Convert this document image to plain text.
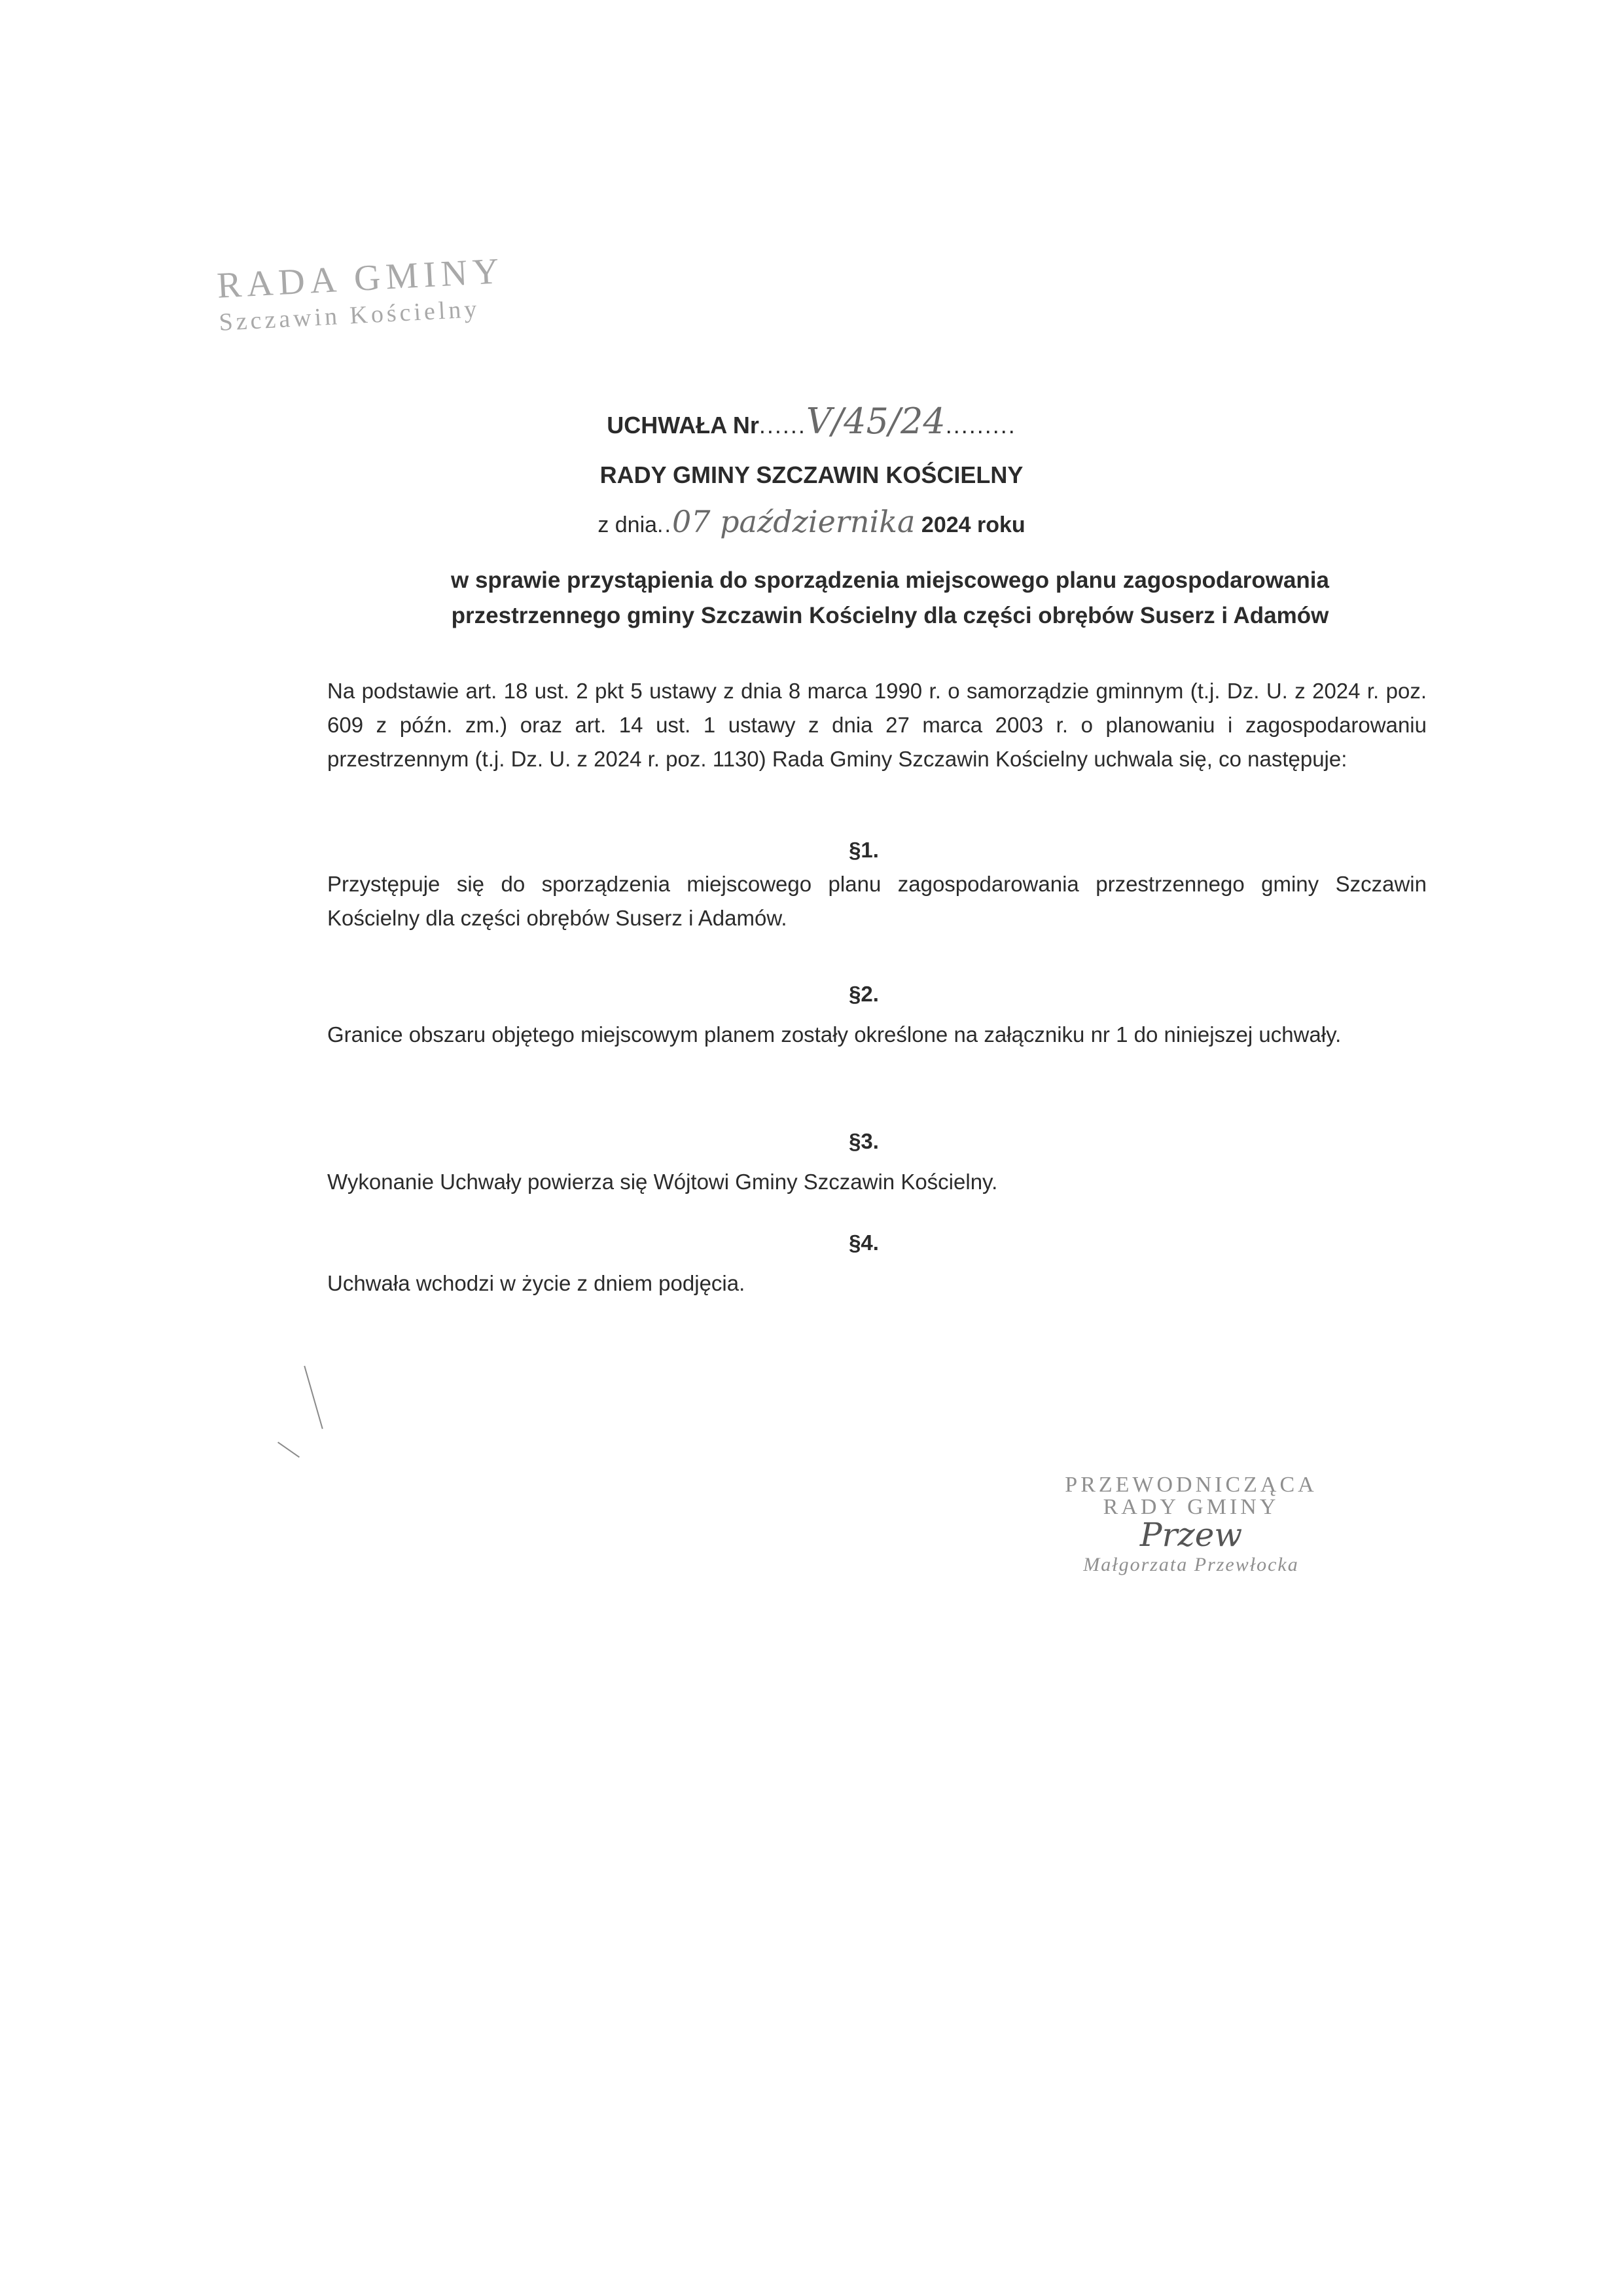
RADA GMINY
Szczawin Kościelny
UCHWAŁA Nr......V/45/24.........
RADY GMINY SZCZAWIN KOŚCIELNY
z dnia..07 października 2024 roku
w sprawie przystąpienia do sporządzenia miejscowego planu zagospodarowania przestrzennego gminy Szczawin Kościelny dla części obrębów Suserz i Adamów
Na podstawie art. 18 ust. 2 pkt 5 ustawy z dnia 8 marca 1990 r. o samorządzie gminnym (t.j. Dz. U. z 2024 r. poz. 609 z późn. zm.) oraz art. 14 ust. 1 ustawy z dnia 27 marca 2003 r. o planowaniu i zagospodarowaniu przestrzennym (t.j. Dz. U. z 2024 r. poz. 1130) Rada Gminy Szczawin Kościelny uchwala się, co następuje:
§1.
Przystępuje się do sporządzenia miejscowego planu zagospodarowania przestrzennego gminy Szczawin Kościelny dla części obrębów Suserz i Adamów.
§2.
Granice obszaru objętego miejscowym planem zostały określone na załączniku nr 1 do niniejszej uchwały.
§3.
Wykonanie Uchwały powierza się Wójtowi Gminy Szczawin Kościelny.
§4.
Uchwała wchodzi w życie z dniem podjęcia.
PRZEWODNICZĄCA
RADY GMINY
Przew
Małgorzata Przewłocka
